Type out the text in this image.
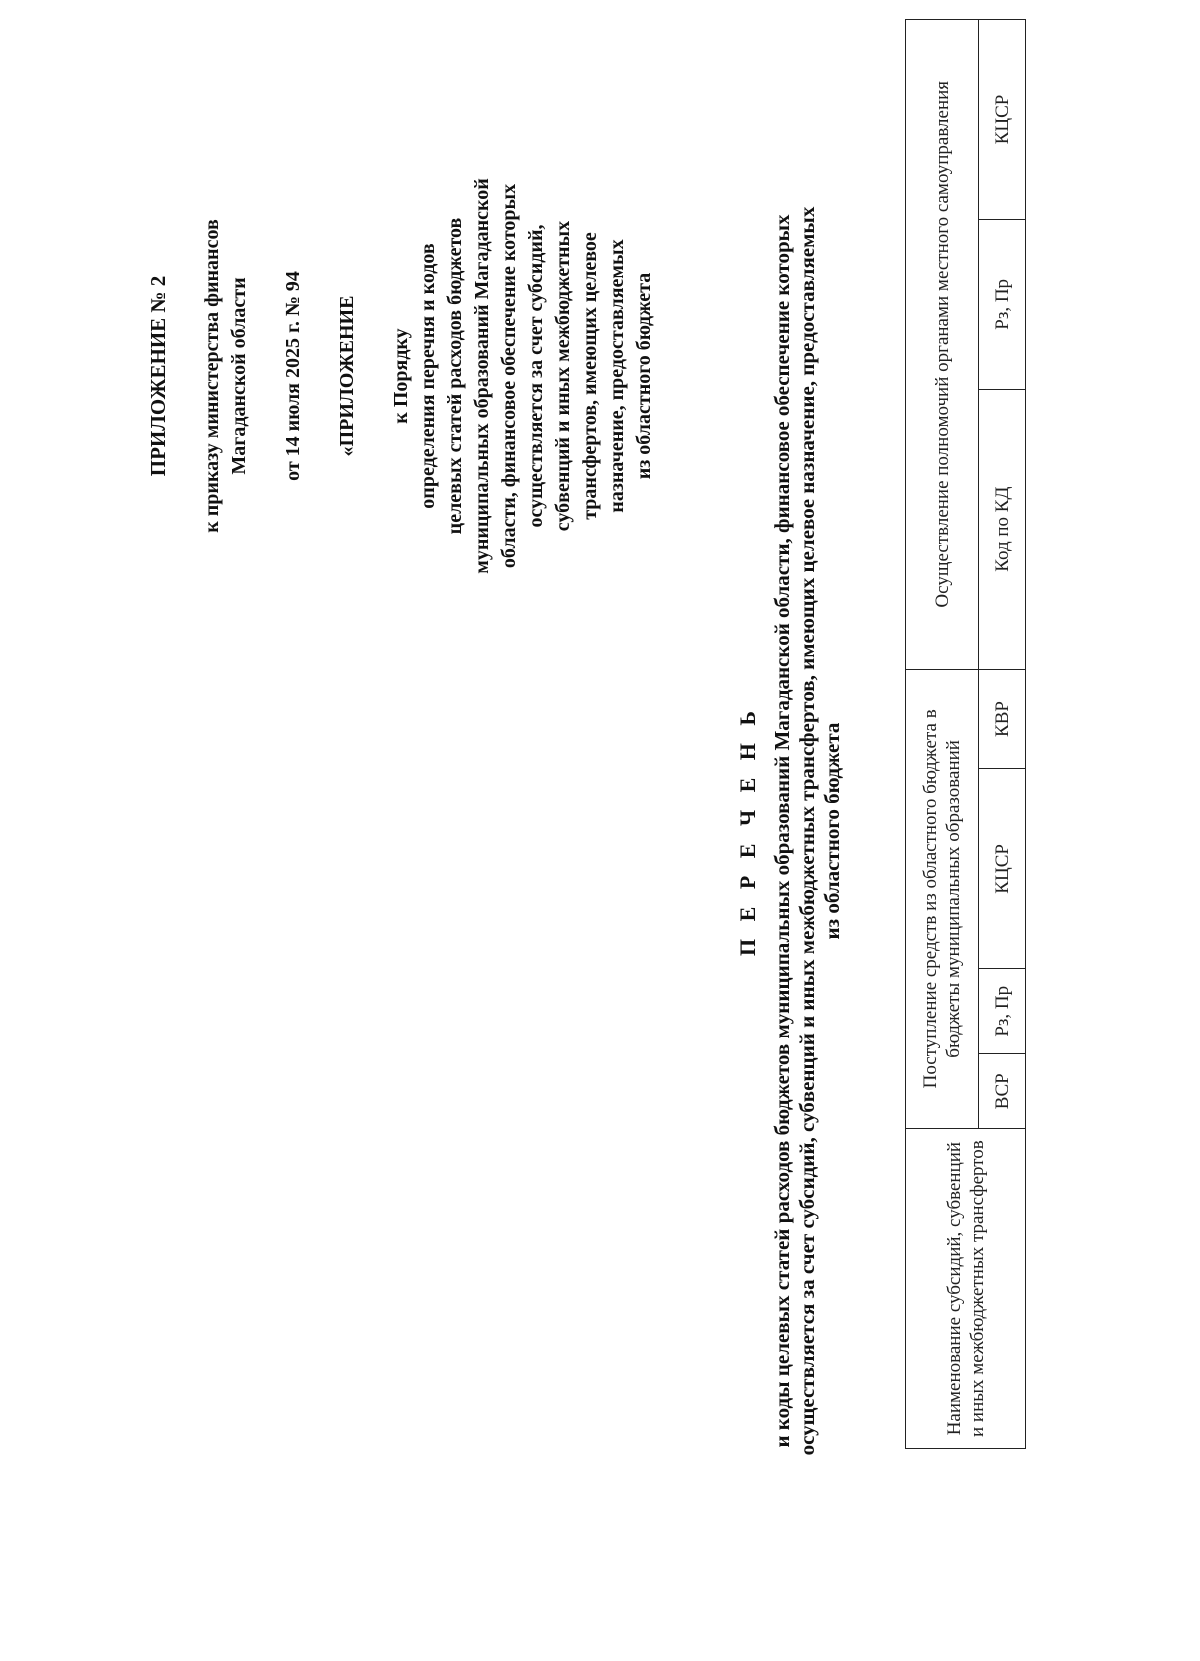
ПРИЛОЖЕНИЕ № 2 к приказу министерства финансов Магаданской области от 14 июля 2025 г. № 94 «ПРИЛОЖЕНИЕ к Порядку определения перечня и кодов целевых статей расходов бюджетов муниципальных образований Магаданской области, финансовое обеспечение которых осуществляется за счет субсидий, субвенций и иных межбюджетных трансфертов, имеющих целевое назначение, предоставляемых из областного бюджета
П Е Р Е Ч Е Н Ь и коды целевых статей расходов бюджетов муниципальных образований Магаданской области, финансовое обеспечение которых осуществляется за счет субсидий, субвенций и иных межбюджетных трансфертов, имеющих целевое назначение, предоставляемых из областного бюджета
Наименование субсидий, субвенций и иных межбюджетных трансфертов	Поступление средств из областного бюджета в бюджеты муниципальных образований				Осуществление полномочий органами местного самоуправления		
	ВСР	Рз, Пр	КЦСР	КВР	Код по КД	Рз, Пр	КЦСР
